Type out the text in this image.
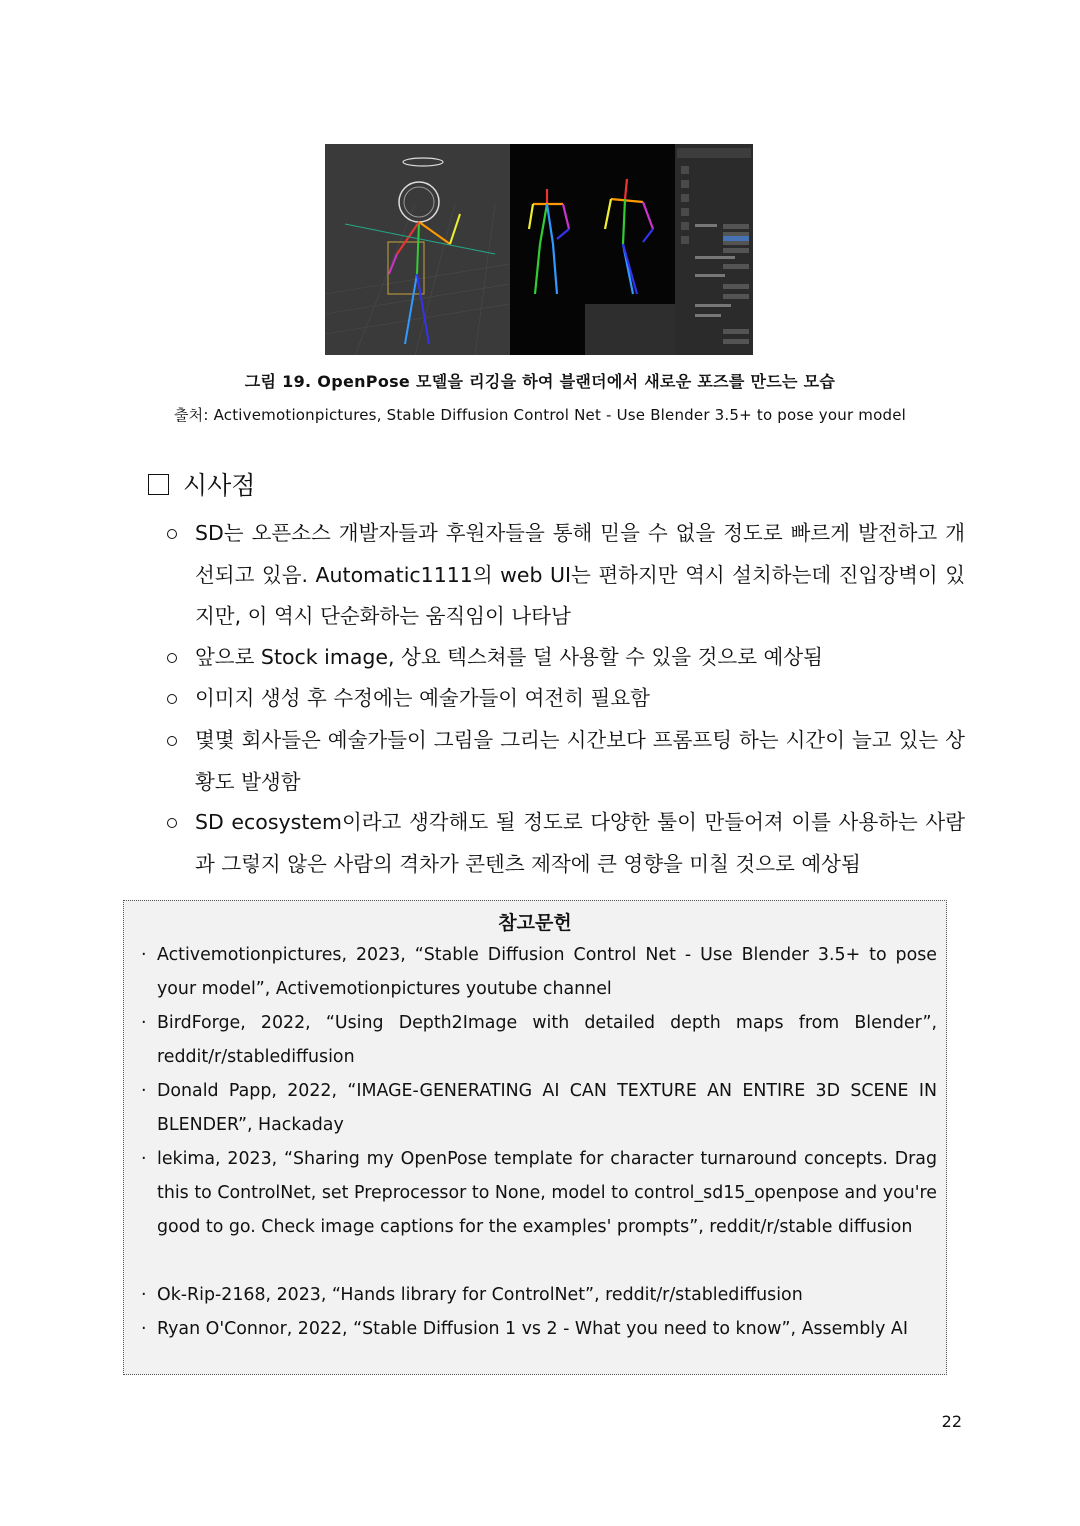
그림 19. OpenPose 모델을 리깅을 하여 블랜더에서 새로운 포즈를 만드는 모습
출처: Activemotionpictures, Stable Diffusion Control Net - Use Blender 3.5+ to pose your model
시사점
SD는 오픈소스 개발자들과 후원자들을 통해 믿을 수 없을 정도로 빠르게 발전하고 개선되고 있음. Automatic1111의 web UI는 편하지만 역시 설치하는데 진입장벽이 있지만, 이 역시 단순화하는 움직임이 나타남
앞으로 Stock image, 상요 텍스쳐를 덜 사용할 수 있을 것으로 예상됨
이미지 생성 후 수정에는 예술가들이 여전히 필요함
몇몇 회사들은 예술가들이 그림을 그리는 시간보다 프롬프팅 하는 시간이 늘고 있는 상황도 발생함
SD ecosystem이라고 생각해도 될 정도로 다양한 툴이 만들어져 이를 사용하는 사람과 그렇지 않은 사람의 격차가 콘텐츠 제작에 큰 영향을 미칠 것으로 예상됨
참고문헌
· Activemotionpictures, 2023, “Stable Diffusion Control Net - Use Blender 3.5+ to pose your model”, Activemotionpictures youtube channel
· BirdForge, 2022, “Using Depth2Image with detailed depth maps from Blender”, reddit/r/stablediffusion
· Donald Papp, 2022, “IMAGE-GENERATING AI CAN TEXTURE AN ENTIRE 3D SCENE IN BLENDER”, Hackaday
· lekima, 2023, “Sharing my OpenPose template for character turnaround concepts. Drag this to ControlNet, set Preprocessor to None, model to control_sd15_openpose and you're good to go. Check image captions for the examples' prompts”, reddit/r/stable diffusion
· Ok-Rip-2168, 2023, “Hands library for ControlNet”, reddit/r/stablediffusion
· Ryan O'Connor, 2022, “Stable Diffusion 1 vs 2 - What you need to know”, Assembly AI
22
